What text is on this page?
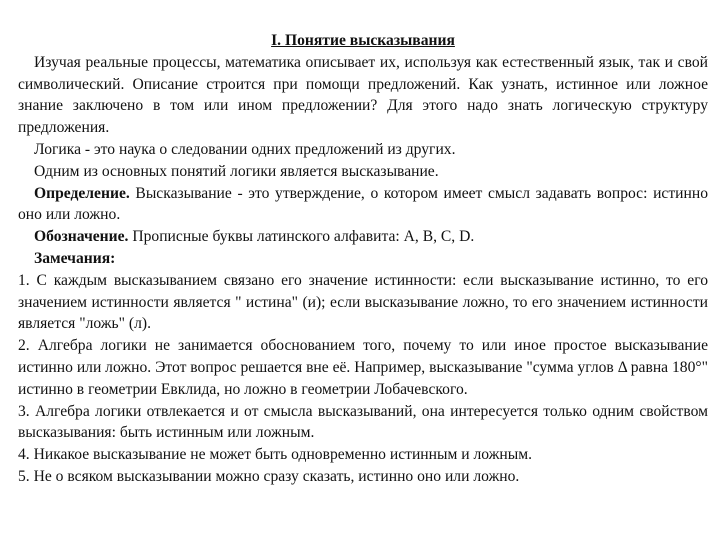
I. Понятие высказывания

Изучая реальные процессы, математика описывает их, используя как естественный язык, так и свой символический. Описание строится при помощи предложений. Как узнать, истинное или ложное знание заключено в том или ином предложении? Для этого надо знать логическую структуру предложения.

Логика - это наука о следовании одних предложений из других.

Одним из основных понятий логики является высказывание.

Определение. Высказывание - это утверждение, о котором имеет смысл задавать вопрос: истинно оно или ложно.

Обозначение. Прописные буквы латинского алфавита: A, B, C, D.

Замечания:

1. С каждым высказыванием связано его значение истинности: если высказывание истинно, то его значением истинности является " истина" (и); если высказывание ложно, то его значением истинности является "ложь" (л).

2. Алгебра логики не занимается обоснованием того, почему то или иное простое высказывание истинно или ложно. Этот вопрос решается вне её. Например, высказывание "сумма углов Δ равна 180°" истинно в геометрии Евклида, но ложно в геометрии Лобачевского.

3. Алгебра логики отвлекается и от смысла высказываний, она интересуется только одним свойством высказывания: быть истинным или ложным.

4. Никакое высказывание не может быть одновременно истинным и ложным.

5. Не о всяком высказывании можно сразу сказать, истинно оно или ложно.
